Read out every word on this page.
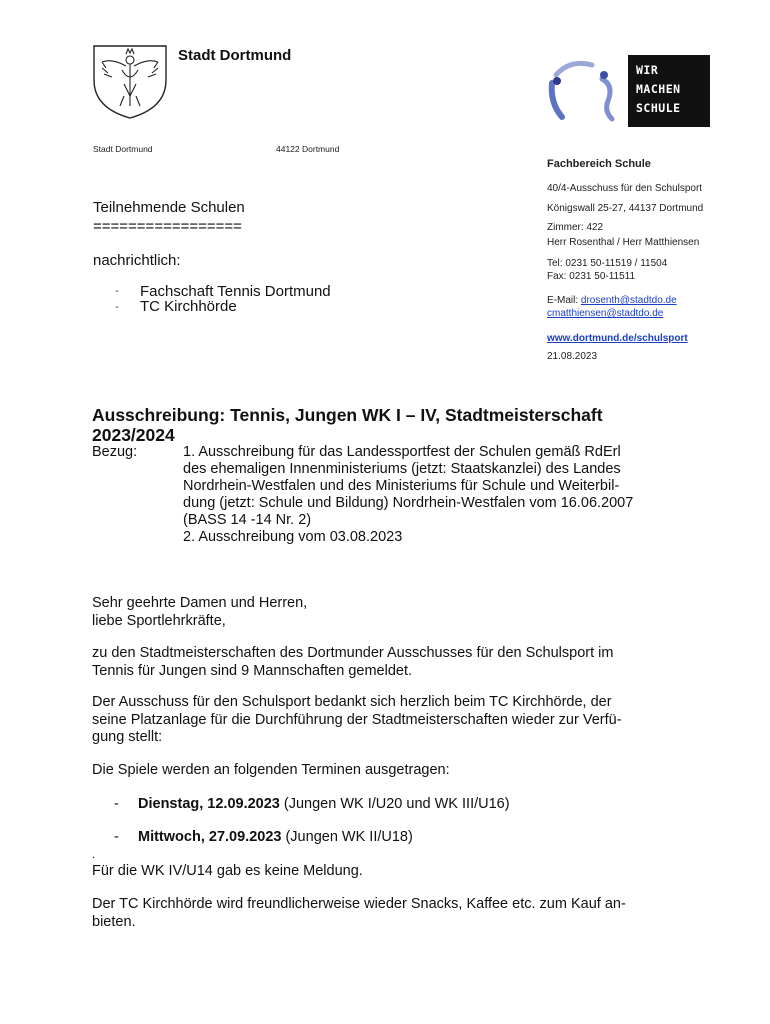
Stadt Dortmund
WIR
MACHEN
SCHULE
Stadt Dortmund	44122 Dortmund
Fachbereich Schule
40/4-Ausschuss für den Schulsport
Königswall 25-27, 44137 Dortmund
Zimmer: 422
Herr Rosenthal / Herr Matthiensen
Tel: 0231 50-11519 / 11504
Fax: 0231 50-11511
E-Mail: drosenth@stadtdo.de
cmatthiensen@stadtdo.de
www.dortmund.de/schulsport
21.08.2023
Teilnehmende Schulen
=================
nachrichtlich:
- Fachschaft Tennis Dortmund
- TC Kirchhörde
Ausschreibung: Tennis, Jungen WK I – IV, Stadtmeisterschaft
2023/2024
Bezug:	1. Ausschreibung für das Landessportfest der Schulen gemäß RdErl
des ehemaligen Innenministeriums (jetzt: Staatskanzlei) des Landes
Nordrhein-Westfalen und des Ministeriums für Schule und Weiterbil-
dung (jetzt: Schule und Bildung) Nordrhein-Westfalen vom 16.06.2007
(BASS 14 -14 Nr. 2)
2. Ausschreibung vom 03.08.2023
Sehr geehrte Damen und Herren,
liebe Sportlehrkräfte,
zu den Stadtmeisterschaften des Dortmunder Ausschusses für den Schulsport im
Tennis für Jungen sind 9 Mannschaften gemeldet.
Der Ausschuss für den Schulsport bedankt sich herzlich beim TC Kirchhörde, der
seine Platzanlage für die Durchführung der Stadtmeisterschaften wieder zur Verfü-
gung stellt:
Die Spiele werden an folgenden Terminen ausgetragen:
- Dienstag, 12.09.2023 (Jungen WK I/U20 und WK III/U16)
- Mittwoch, 27.09.2023 (Jungen WK II/U18)
.
Für die WK IV/U14 gab es keine Meldung.
Der TC Kirchhörde wird freundlicherweise wieder Snacks, Kaffee etc. zum Kauf an-
bieten.
